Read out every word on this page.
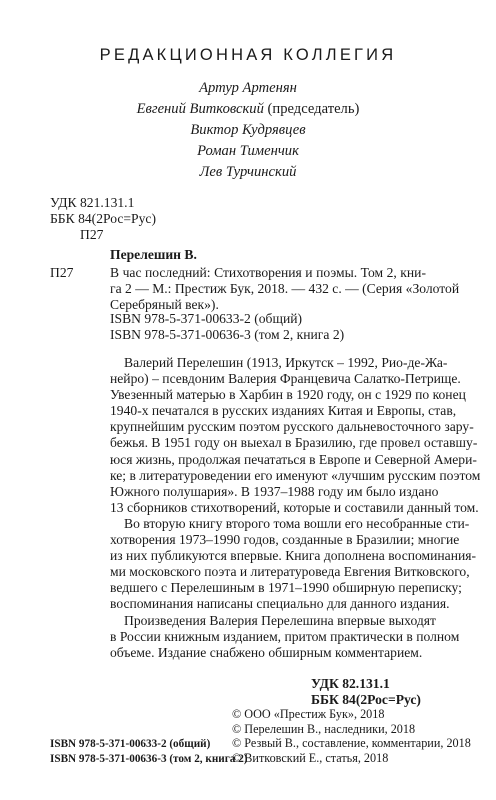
РЕДАКЦИОННАЯ КОЛЛЕГИЯ
Артур Артенян
Евгений Витковский (председатель)
Виктор Кудрявцев
Роман Тименчик
Лев Турчинский
УДК 821.131.1
ББК 84(2Рос=Рус)
П27
Перелешин В.
П27	В час последний: Стихотворения и поэмы. Том 2, кни-
га 2 — М.: Престиж Бук, 2018. — 432 с. — (Серия «Золотой
Серебряный век»).
ISBN 978-5-371-00633-2 (общий)
ISBN 978-5-371-00636-3 (том 2, книга 2)
Валерий Перелешин (1913, Иркутск – 1992, Рио-де-Жа-
нейро) – псевдоним Валерия Францевича Салатко-Петрище.
Увезенный матерью в Харбин в 1920 году, он с 1929 по конец
1940-х печатался в русских изданиях Китая и Европы, став,
крупнейшим русским поэтом русского дальневосточного зару-
бежья. В 1951 году он выехал в Бразилию, где провел оставшу-
юся жизнь, продолжая печататься в Европе и Северной Амери-
ке; в литературоведении его именуют «лучшим русским поэтом
Южного полушария». В 1937–1988 году им было издано
13 сборников стихотворений, которые и составили данный том.
Во вторую книгу второго тома вошли его несобранные сти-
хотворения 1973–1990 годов, созданные в Бразилии; многие
из них публикуются впервые. Книга дополнена воспоминания-
ми московского поэта и литературоведа Евгения Витковского,
ведшего с Перелешиным в 1971–1990 обширную переписку;
воспоминания написаны специально для данного издания.
Произведения Валерия Перелешина впервые выходят
в России книжным изданием, притом практически в полном
объеме. Издание снабжено обширным комментарием.
УДК 82.131.1
ББК 84(2Рос=Рус)
ISBN 978-5-371-00633-2 (общий)
ISBN 978-5-371-00636-3 (том 2, книга 2)
© ООО «Престиж Бук», 2018
© Перелешин В., наследники, 2018
© Резвый В., составление, комментарии, 2018
© Витковский Е., статья, 2018
